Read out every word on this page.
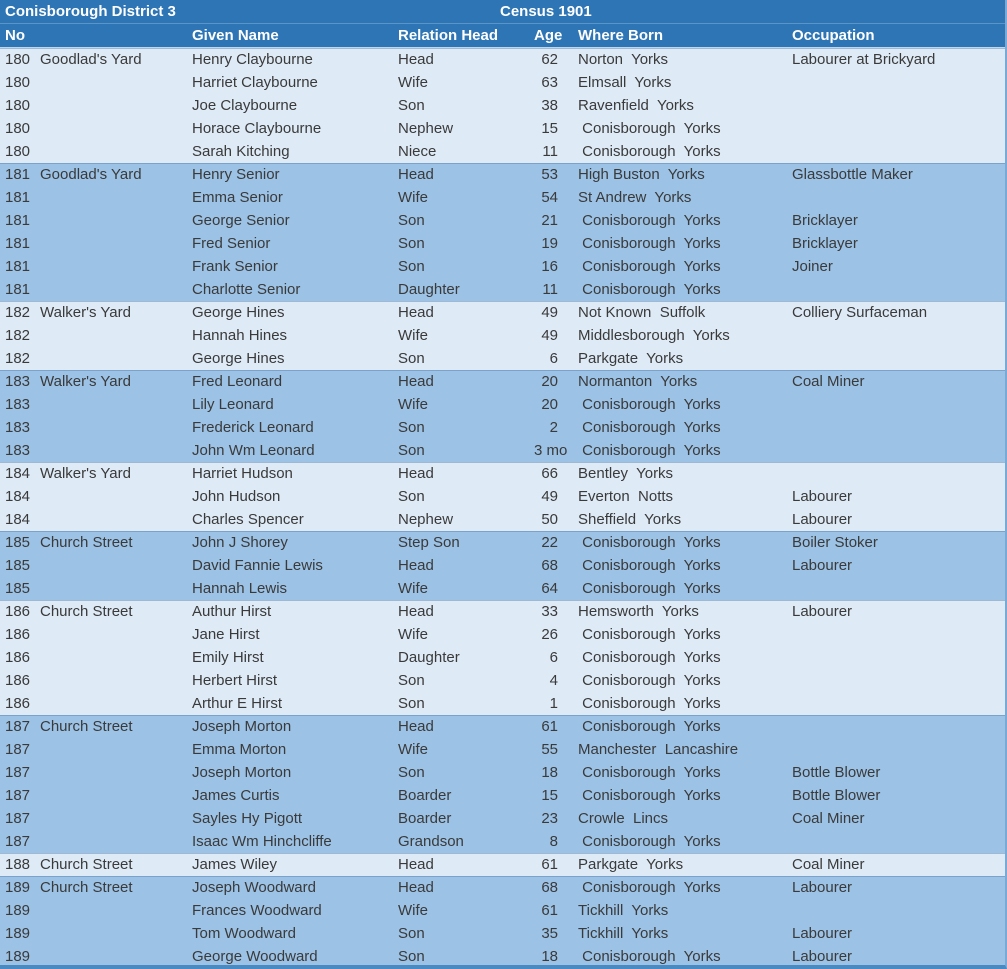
Conisborough District 3	Census 1901
No	Given Name	Relation Head	Age	Where Born	Occupation
180 Goodlad's Yard	Henry Claybourne	Head	62	Norton  Yorks	Labourer at Brickyard
180	Harriet Claybourne	Wife	63	Elmsall  Yorks
180	Joe Claybourne	Son	38	Ravenfield  Yorks
180	Horace Claybourne	Nephew	15	Conisborough  Yorks
180	Sarah Kitching	Niece	11	Conisborough  Yorks
181 Goodlad's Yard	Henry Senior	Head	53	High Buston  Yorks	Glassbottle Maker
181	Emma Senior	Wife	54	St Andrew  Yorks
181	George Senior	Son	21	Conisborough  Yorks	Bricklayer
181	Fred Senior	Son	19	Conisborough  Yorks	Bricklayer
181	Frank Senior	Son	16	Conisborough  Yorks	Joiner
181	Charlotte Senior	Daughter	11	Conisborough  Yorks
182 Walker's Yard	George Hines	Head	49	Not Known  Suffolk	Colliery Surfaceman
182	Hannah Hines	Wife	49	Middlesborough  Yorks
182	George Hines	Son	6	Parkgate  Yorks
183 Walker's Yard	Fred Leonard	Head	20	Normanton  Yorks	Coal Miner
183	Lily Leonard	Wife	20	Conisborough  Yorks
183	Frederick Leonard	Son	2	Conisborough  Yorks
183	John Wm Leonard	Son	3 mo Conisborough  Yorks
184 Walker's Yard	Harriet Hudson	Head	66	Bentley  Yorks
184	John Hudson	Son	49	Everton  Notts	Labourer
184	Charles Spencer	Nephew	50	Sheffield  Yorks	Labourer
185 Church Street	John J Shorey	Step Son	22	Conisborough  Yorks	Boiler Stoker
185	David Fannie Lewis	Head	68	Conisborough  Yorks	Labourer
185	Hannah Lewis	Wife	64	Conisborough  Yorks
186 Church Street	Authur Hirst	Head	33	Hemsworth  Yorks	Labourer
186	Jane Hirst	Wife	26	Conisborough  Yorks
186	Emily Hirst	Daughter	6	Conisborough  Yorks
186	Herbert Hirst	Son	4	Conisborough  Yorks
186	Arthur E Hirst	Son	1	Conisborough  Yorks
187 Church Street	Joseph Morton	Head	61	Conisborough  Yorks
187	Emma Morton	Wife	55	Manchester  Lancashire
187	Joseph Morton	Son	18	Conisborough  Yorks	Bottle Blower
187	James Curtis	Boarder	15	Conisborough  Yorks	Bottle Blower
187	Sayles Hy Pigott	Boarder	23	Crowle  Lincs	Coal Miner
187	Isaac Wm Hinchcliffe	Grandson	8	Conisborough  Yorks
188 Church Street	James Wiley	Head	61	Parkgate  Yorks	Coal Miner
189 Church Street	Joseph Woodward	Head	68	Conisborough  Yorks	Labourer
189	Frances Woodward	Wife	61	Tickhill  Yorks
189	Tom Woodward	Son	35	Tickhill  Yorks	Labourer
189	George Woodward	Son	18	Conisborough  Yorks	Labourer
